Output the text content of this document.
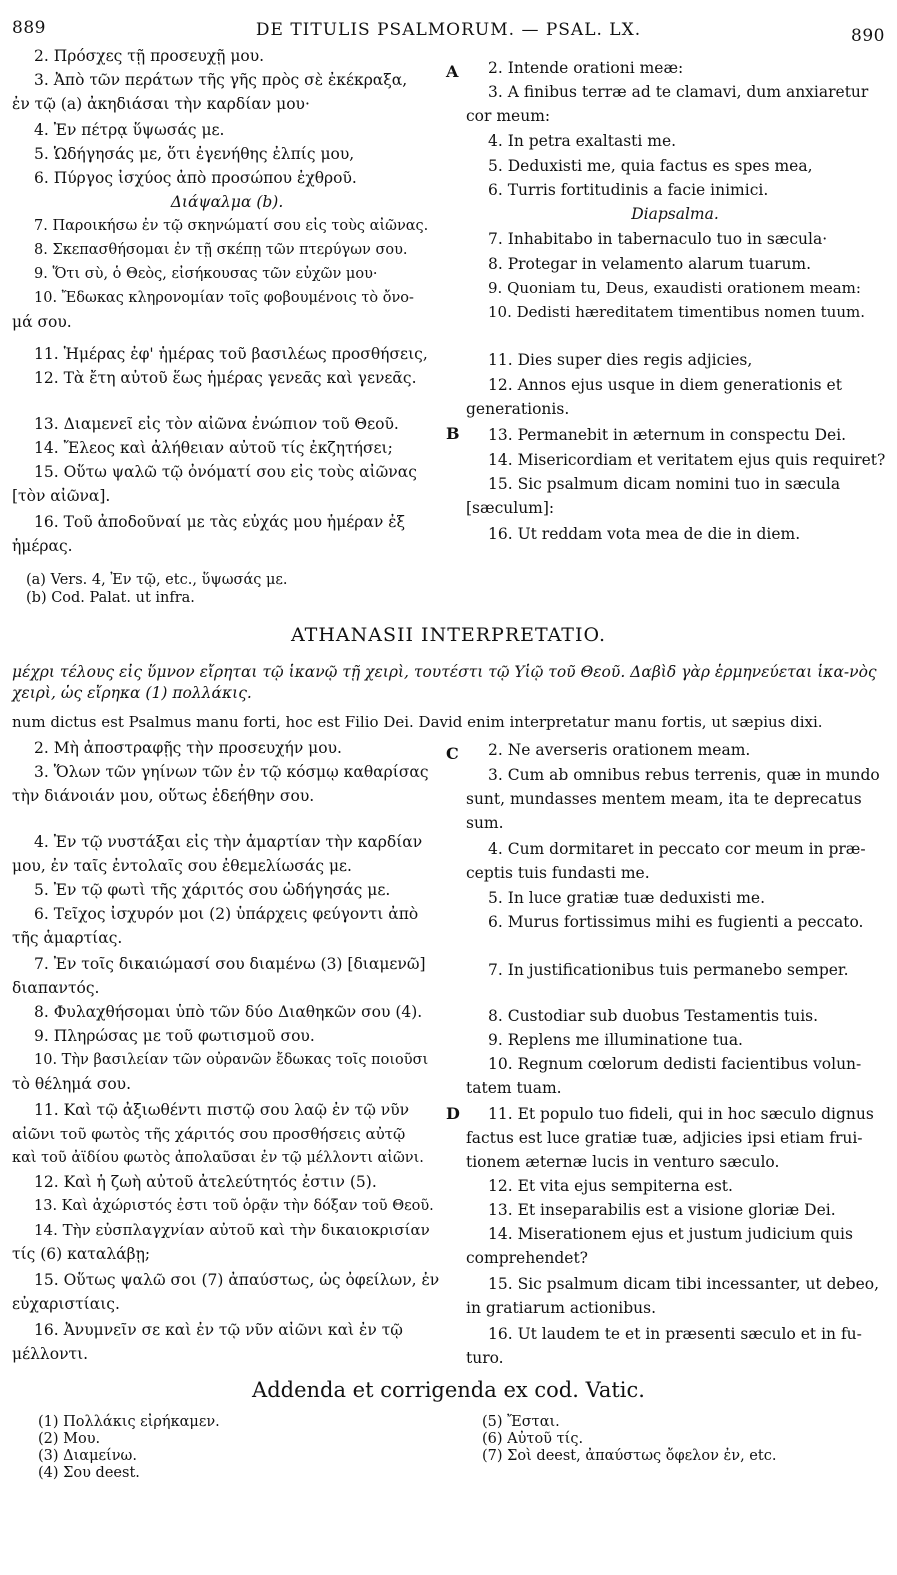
889	DE TITULIS PSALMORUM. — PSAL. LX.	890
A
B
C
D
2. Πρόσχες τῇ προσευχῇ μου.
3. Ἀπὸ τῶν περάτων τῆς γῆς πρὸς σὲ ἐκέκραξα,
ἐν τῷ (a) ἀκηδιάσαι τὴν καρδίαν μου·
4. Ἐν πέτρᾳ ὕψωσάς με.
5. Ὡδήγησάς με, ὅτι ἐγενήθης ἐλπίς μου,
6. Πύργος ἰσχύος ἀπὸ προσώπου ἐχθροῦ.
Διάψαλμα (b).
7. Παροικήσω ἐν τῷ σκηνώματί σου εἰς τοὺς αἰῶνας.
8. Σκεπασθήσομαι ἐν τῇ σκέπῃ τῶν πτερύγων σου.
9. Ὅτι σὺ, ὁ Θεὸς, εἰσήκουσας τῶν εὐχῶν μου·
10. Ἔδωκας κληρονομίαν τοῖς φοβουμένοις τὸ ὄνο-
μά σου.
11. Ἡμέρας ἐφ' ἡμέρας τοῦ βασιλέως προσθήσεις,
12. Τὰ ἔτη αὐτοῦ ἕως ἡμέρας γενεᾶς καὶ γενεᾶς.
13. Διαμενεῖ εἰς τὸν αἰῶνα ἐνώπιον τοῦ Θεοῦ.
14. Ἔλεος καὶ ἀλήθειαν αὐτοῦ τίς ἐκζητήσει;
15. Οὕτω ψαλῶ τῷ ὀνόματί σου εἰς τοὺς αἰῶνας
[τὸν αἰῶνα].
16. Τοῦ ἀποδοῦναί με τὰς εὐχάς μου ἡμέραν ἐξ
ἡμέρας.
(a) Vers. 4, Ἐν τῷ, etc., ὕψωσάς με.
(b) Cod. Palat. ut infra.
2. Intende orationi meæ:
3. A finibus terræ ad te clamavi, dum anxiaretur
cor meum:
4. In petra exaltasti me.
5. Deduxisti me, quia factus es spes mea,
6. Turris fortitudinis a facie inimici.
Diapsalma.
7. Inhabitabo in tabernaculo tuo in sæcula·
8. Protegar in velamento alarum tuarum.
9. Quoniam tu, Deus, exaudisti orationem meam:
10. Dedisti hæreditatem timentibus nomen tuum.
11. Dies super dies regis adjicies,
12. Annos ejus usque in diem generationis et
generationis.
13. Permanebit in æternum in conspectu Dei.
14. Misericordiam et veritatem ejus quis requiret?
15. Sic psalmum dicam nomini tuo in sæcula
[sæculum]:
16. Ut reddam vota mea de die in diem.
ATHANASII INTERPRETATIO.
μέχρι τέλους εἰς ὕμνον εἴρηται τῷ ἱκανῷ τῇ χειρὶ, τουτέστι τῷ Υἱῷ τοῦ Θεοῦ. Δαβὶδ γὰρ ἑρμηνεύεται ἱκα-νὸς χειρὶ, ὡς εἴρηκα (1) πολλάκις.
num dictus est Psalmus manu forti, hoc est Filio Dei. David enim interpretatur manu fortis, ut sæpius dixi.
2. Μὴ ἀποστραφῇς τὴν προσευχήν μου.
3. Ὅλων τῶν γηίνων τῶν ἐν τῷ κόσμῳ καθαρίσας
τὴν διάνοιάν μου, οὕτως ἐδεήθην σου.
4. Ἐν τῷ νυστάξαι εἰς τὴν ἁμαρτίαν τὴν καρδίαν
μου, ἐν ταῖς ἐντολαῖς σου ἐθεμελίωσάς με.
5. Ἐν τῷ φωτὶ τῆς χάριτός σου ὡδήγησάς με.
6. Τεῖχος ἰσχυρόν μοι (2) ὑπάρχεις φεύγοντι ἀπὸ
τῆς ἁμαρτίας.
7. Ἐν τοῖς δικαιώμασί σου διαμένω (3) [διαμενῶ]
διαπαντός.
8. Φυλαχθήσομαι ὑπὸ τῶν δύο Διαθηκῶν σου (4).
9. Πληρώσας με τοῦ φωτισμοῦ σου.
10. Τὴν βασιλείαν τῶν οὐρανῶν ἔδωκας τοῖς ποιοῦσι
τὸ θέλημά σου.
11. Καὶ τῷ ἀξιωθέντι πιστῷ σου λαῷ ἐν τῷ νῦν
αἰῶνι τοῦ φωτὸς τῆς χάριτός σου προσθήσεις αὐτῷ
καὶ τοῦ ἀϊδίου φωτὸς ἀπολαῦσαι ἐν τῷ μέλλοντι αἰῶνι.
12. Καὶ ἡ ζωὴ αὐτοῦ ἀτελεύτητός ἐστιν (5).
13. Καὶ ἀχώριστός ἐστι τοῦ ὁρᾷν τὴν δόξαν τοῦ Θεοῦ.
14. Τὴν εὐσπλαγχνίαν αὐτοῦ καὶ τὴν δικαιοκρισίαν
τίς (6) καταλάβῃ;
15. Οὕτως ψαλῶ σοι (7) ἀπαύστως, ὡς ὀφείλων, ἐν
εὐχαριστίαις.
16. Ἀνυμνεῖν σε καὶ ἐν τῷ νῦν αἰῶνι καὶ ἐν τῷ
μέλλοντι.
2. Ne averseris orationem meam.
3. Cum ab omnibus rebus terrenis, quæ in mundo
sunt, mundasses mentem meam, ita te deprecatus
sum.
4. Cum dormitaret in peccato cor meum in præ-
ceptis tuis fundasti me.
5. In luce gratiæ tuæ deduxisti me.
6. Murus fortissimus mihi es fugienti a peccato.
7. In justificationibus tuis permanebo semper.
8. Custodiar sub duobus Testamentis tuis.
9. Replens me illuminatione tua.
10. Regnum cœlorum dedisti facientibus volun-
tatem tuam.
11. Et populo tuo fideli, qui in hoc sæculo dignus
factus est luce gratiæ tuæ, adjicies ipsi etiam frui-
tionem æternæ lucis in venturo sæculo.
12. Et vita ejus sempiterna est.
13. Et inseparabilis est a visione gloriæ Dei.
14. Miserationem ejus et justum judicium quis
comprehendet?
15. Sic psalmum dicam tibi incessanter, ut debeo,
in gratiarum actionibus.
16. Ut laudem te et in præsenti sæculo et in fu-
turo.
Addenda et corrigenda ex cod. Vatic.
(1) Πολλάκις εἰρήκαμεν.
(2) Μου.
(3) Διαμείνω.
(4) Σου deest.
(5) Ἔσται.
(6) Αὐτοῦ τίς.
(7) Σοὶ deest, ἀπαύστως ὄφελον ἐν, etc.
